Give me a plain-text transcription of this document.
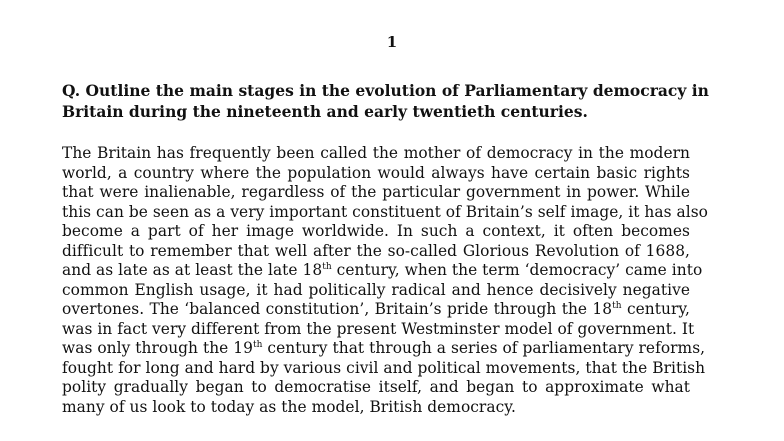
1
Q. Outline the main stages in the evolution of Parliamentary democracy in
Britain during the nineteenth and early twentieth centuries.
The Britain has frequently been called the mother of democracy in the modern
world, a country where the population would always have certain basic rights
that were inalienable, regardless of the particular government in power. While
this can be seen as a very important constituent of Britain’s self image, it has also
become a part of her image worldwide. In such a context, it often becomes
difficult to remember that well after the so-called Glorious Revolution of 1688,
and as late as at least the late 18th century, when the term ‘democracy’ came into
common English usage, it had politically radical and hence decisively negative
overtones. The ‘balanced constitution’, Britain’s pride through the 18th century,
was in fact very different from the present Westminster model of government. It
was only through the 19th century that through a series of parliamentary reforms,
fought for long and hard by various civil and political movements, that the British
polity gradually began to democratise itself, and began to approximate what
many of us look to today as the model, British democracy.
